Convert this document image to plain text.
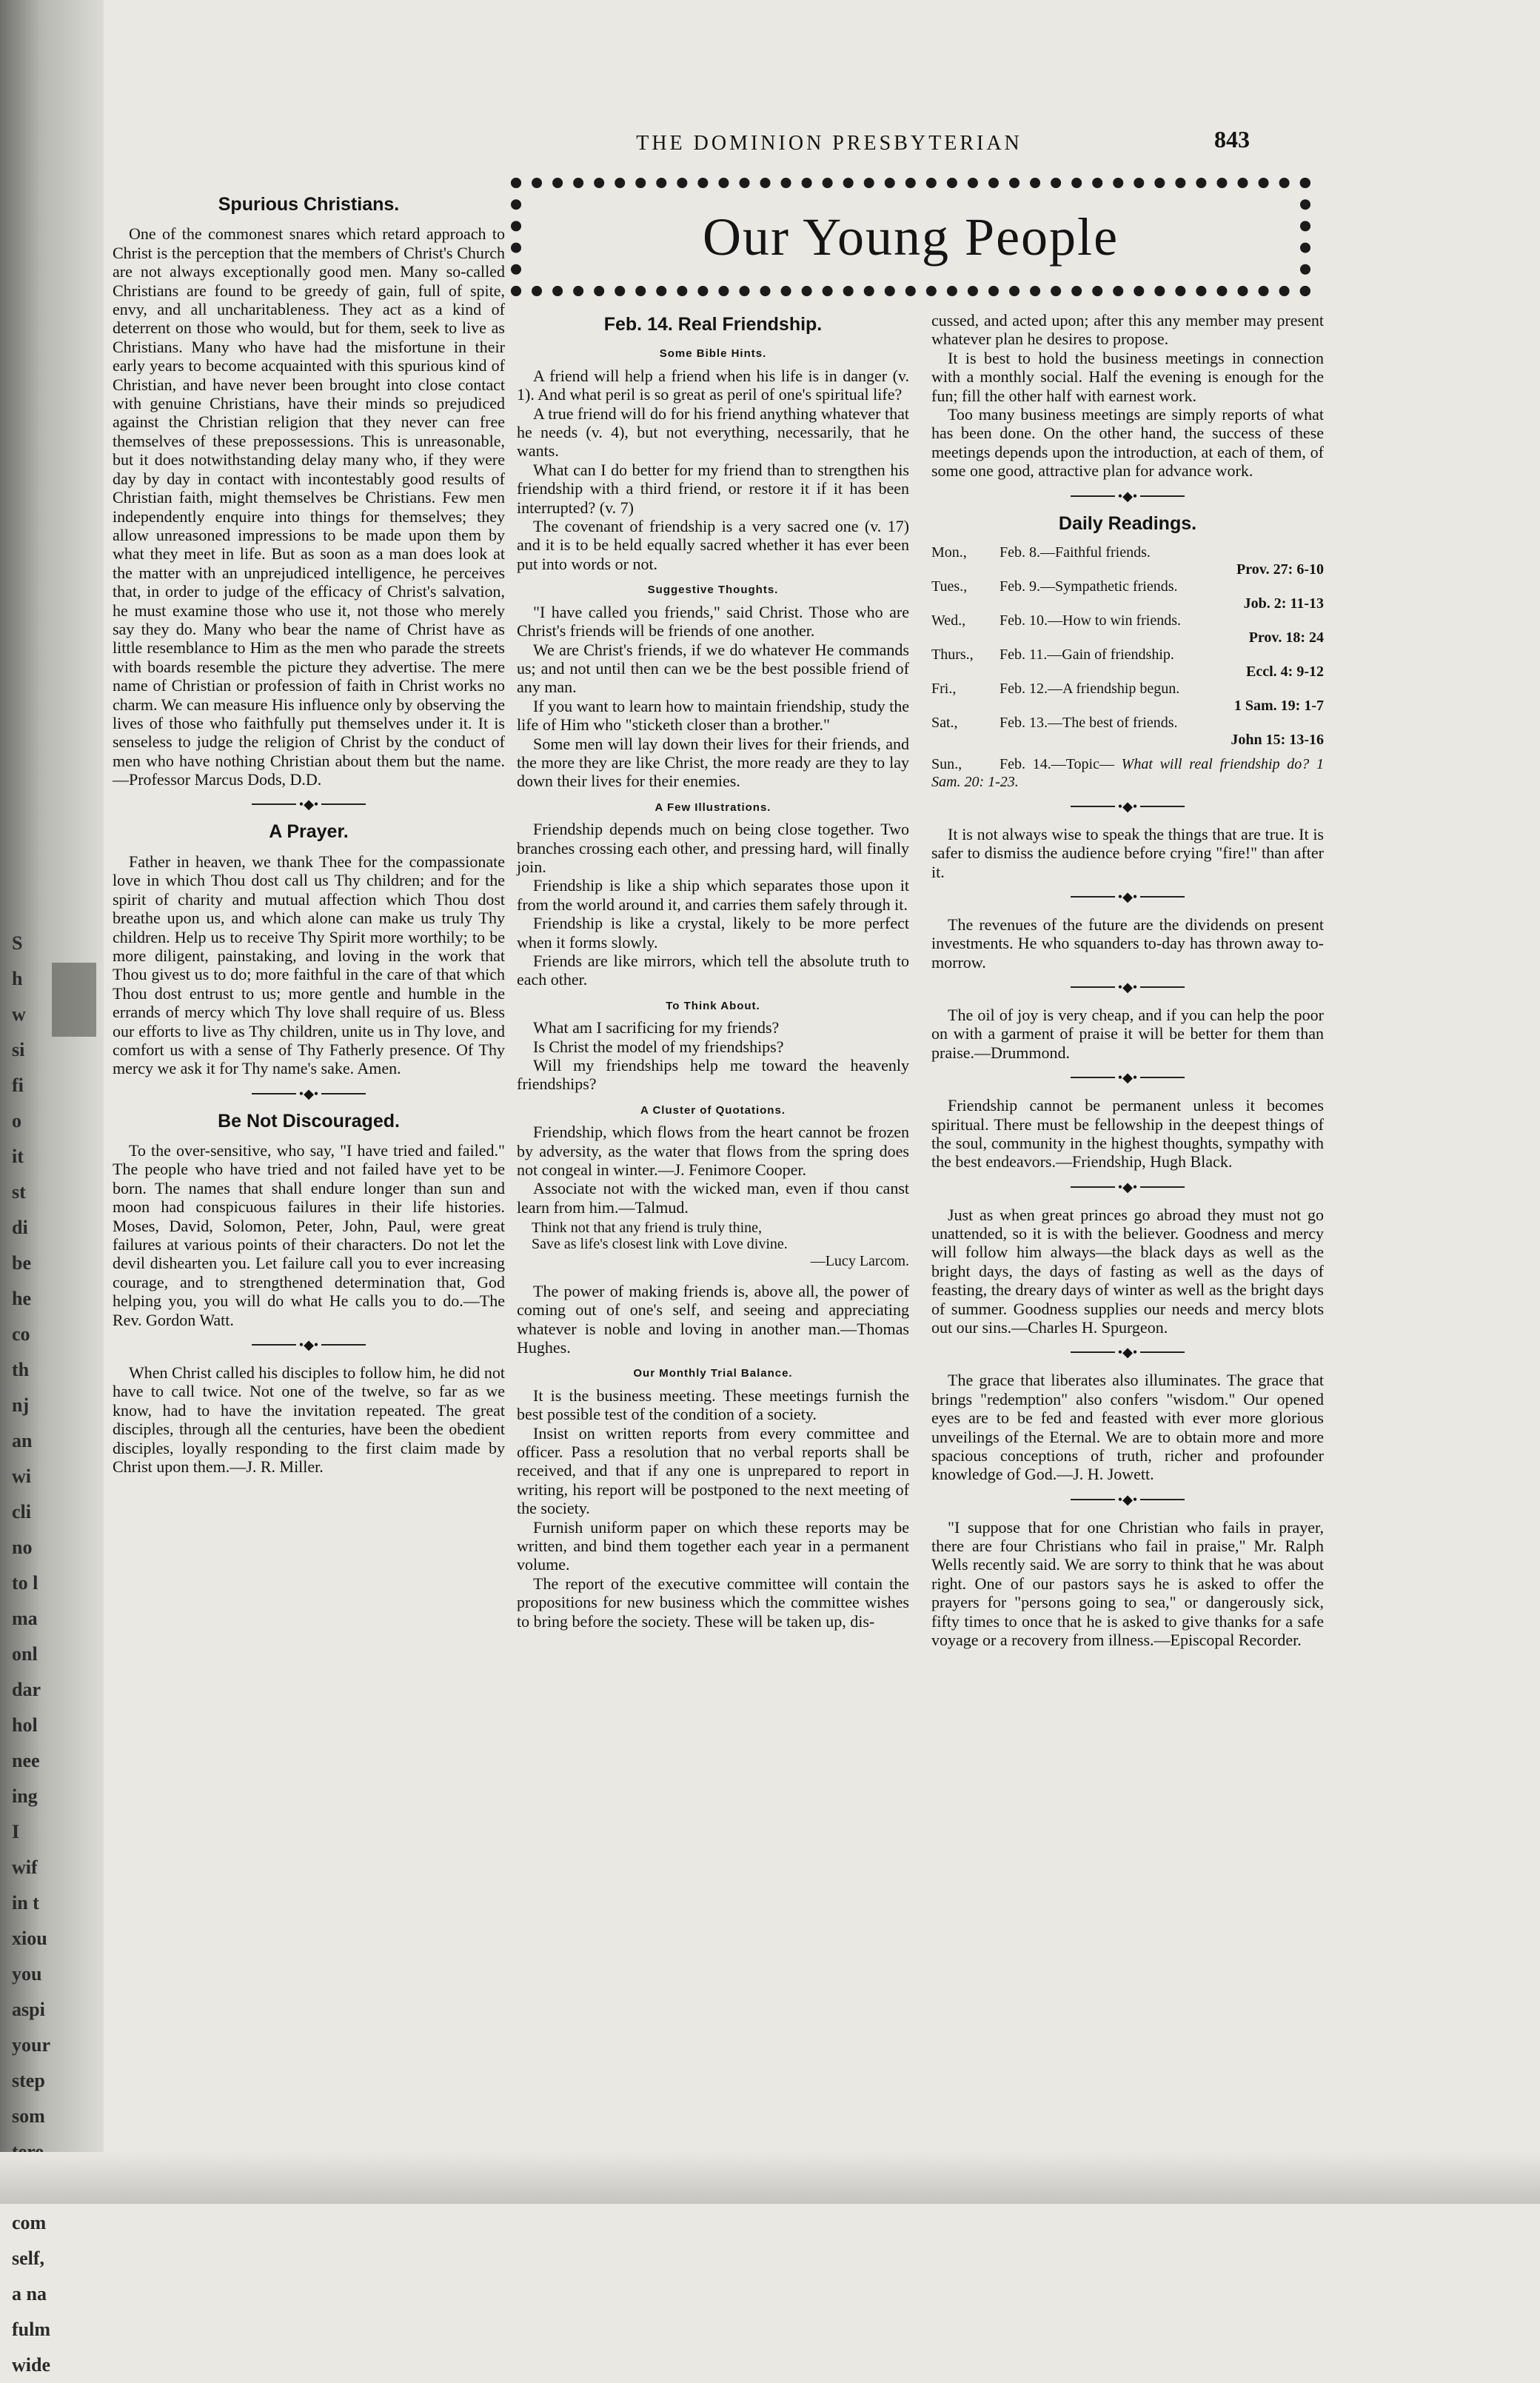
S
h
w
si
fi
o
it
st
di
be
he
co
th
nj
an
wi
cli
no
to l
ma
onl
dar
hol
nee
ing
I
wif
in t
xiou
you
aspi
your
step
som
com
self,
a na
fulm
wide
THE DOMINION PRESBYTERIAN	843
Our Young People
Spurious Christians.

One of the commonest snares which retard approach to Christ is the perception that the members of Christ's Church are not always exceptionally good men. Many so-called Christians are found to be greedy of gain, full of spite, envy, and all uncharitableness. They act as a kind of deterrent on those who would, but for them, seek to live as Christians. Many who have had the misfortune in their early years to become acquainted with this spurious kind of Christian, and have never been brought into close contact with genuine Christians, have their minds so prejudiced against the Christian religion that they never can free themselves of these prepossessions. This is unreasonable, but it does notwithstanding delay many who, if they were day by day in contact with incontestably good results of Christian faith, might themselves be Christians. Few men independently enquire into things for themselves; they allow unreasoned impressions to be made upon them by what they meet in life. But as soon as a man does look at the matter with an unprejudiced intelligence, he perceives that, in order to judge of the efficacy of Christ's salvation, he must examine those who use it, not those who merely say they do. Many who bear the name of Christ have as little resemblance to Him as the men who parade the streets with boards resemble the picture they advertise. The mere name of Christian or profession of faith in Christ works no charm. We can measure His influence only by observing the lives of those who faithfully put themselves under it. It is senseless to judge the religion of Christ by the conduct of men who have nothing Christian about them but the name.—Professor Marcus Dods, D.D.

•◆•
A Prayer.

Father in heaven, we thank Thee for the compassionate love in which Thou dost call us Thy children; and for the spirit of charity and mutual affection which Thou dost breathe upon us, and which alone can make us truly Thy children. Help us to receive Thy Spirit more worthily; to be more diligent, painstaking, and loving in the work that Thou givest us to do; more faithful in the care of that which Thou dost entrust to us; more gentle and humble in the errands of mercy which Thy love shall require of us. Bless our efforts to live as Thy children, unite us in Thy love, and comfort us with a sense of Thy Fatherly presence. Of Thy mercy we ask it for Thy name's sake. Amen.

•◆•
Be Not Discouraged.

To the over-sensitive, who say, "I have tried and failed." The people who have tried and not failed have yet to be born. The names that shall endure longer than sun and moon had conspicuous failures in their life histories. Moses, David, Solomon, Peter, John, Paul, were great failures at various points of their characters. Do not let the devil dishearten you. Let failure call you to ever increasing courage, and to strengthened determination that, God helping you, you will do what He calls you to do.—The Rev. Gordon Watt.

•◆•

When Christ called his disciples to follow him, he did not have to call twice. Not one of the twelve, so far as we know, had to have the invitation repeated. The great disciples, through all the centuries, have been the obedient disciples, loyally responding to the first claim made by Christ upon them.—J. R. Miller.

Feb. 14. Real Friendship.
Some Bible Hints.

A friend will help a friend when his life is in danger (v. 1). And what peril is so great as peril of one's spiritual life?

A true friend will do for his friend anything whatever that he needs (v. 4), but not everything, necessarily, that he wants.

What can I do better for my friend than to strengthen his friendship with a third friend, or restore it if it has been interrupted? (v. 7)

The covenant of friendship is a very sacred one (v. 17) and it is to be held equally sacred whether it has ever been put into words or not.

Suggestive Thoughts.

"I have called you friends," said Christ. Those who are Christ's friends will be friends of one another.

We are Christ's friends, if we do whatever He commands us; and not until then can we be the best possible friend of any man.

If you want to learn how to maintain friendship, study the life of Him who "sticketh closer than a brother."

Some men will lay down their lives for their friends, and the more they are like Christ, the more ready are they to lay down their lives for their enemies.

A Few Illustrations.

Friendship depends much on being close together. Two branches crossing each other, and pressing hard, will finally join.

Friendship is like a ship which separates those upon it from the world around it, and carries them safely through it.

Friendship is like a crystal, likely to be more perfect when it forms slowly.

Friends are like mirrors, which tell the absolute truth to each other.

To Think About.

What am I sacrificing for my friends?

Is Christ the model of my friendships?

Will my friendships help me toward the heavenly friendships?

A Cluster of Quotations.

Friendship, which flows from the heart cannot be frozen by adversity, as the water that flows from the spring does not congeal in winter.—J. Fenimore Cooper.

Associate not with the wicked man, even if thou canst learn from him.—Talmud.

Think not that any friend is truly thine,
Save as life's closest link with Love divine.
—Lucy Larcom.

The power of making friends is, above all, the power of coming out of one's self, and seeing and appreciating whatever is noble and loving in another man.—Thomas Hughes.

Our Monthly Trial Balance.

It is the business meeting. These meetings furnish the best possible test of the condition of a society.

Insist on written reports from every committee and officer. Pass a resolution that no verbal reports shall be received, and that if any one is unprepared to report in writing, his report will be postponed to the next meeting of the society.

Furnish uniform paper on which these reports may be written, and bind them together each year in a permanent volume.

The report of the executive committee will contain the propositions for new business which the committee wishes to bring before the society. These will be taken up, dis-

cussed, and acted upon; after this any member may present whatever plan he desires to propose.

It is best to hold the business meetings in connection with a monthly social. Half the evening is enough for the fun; fill the other half with earnest work.

Too many business meetings are simply reports of what has been done. On the other hand, the success of these meetings depends upon the introduction, at each of them, of some one good, attractive plan for advance work.

•◆•
Daily Readings.
Mon., Feb. 8.—Faithful friends.
Prov. 27: 6-10
Tues., Feb. 9.—Sympathetic friends.
Job. 2: 11-13
Wed., Feb. 10.—How to win friends.
Prov. 18: 24
Thurs., Feb. 11.—Gain of friendship.
Eccl. 4: 9-12
Fri.,	Feb. 12.—A friendship begun.
1 Sam. 19: 1-7
Sat.,	Feb. 13.—The best of friends.
John 15: 13-16
Sun.,	Feb. 14.—Topic— What will real friendship do? 1 Sam. 20: 1-23.
•◆•

It is not always wise to speak the things that are true. It is safer to dismiss the audience before crying "fire!" than after it.

•◆•

The revenues of the future are the dividends on present investments. He who squanders to-day has thrown away to-morrow.

•◆•

The oil of joy is very cheap, and if you can help the poor on with a garment of praise it will be better for them than praise.—Drummond.

•◆•

Friendship cannot be permanent unless it becomes spiritual. There must be fellowship in the deepest things of the soul, community in the highest thoughts, sympathy with the best endeavors.—Friendship, Hugh Black.

•◆•

Just as when great princes go abroad they must not go unattended, so it is with the believer. Goodness and mercy will follow him always—the black days as well as the bright days, the days of fasting as well as the days of feasting, the dreary days of winter as well as the bright days of summer. Goodness supplies our needs and mercy blots out our sins.—Charles H. Spurgeon.

•◆•

The grace that liberates also illuminates. The grace that brings "redemption" also confers "wisdom." Our opened eyes are to be fed and feasted with ever more glorious unveilings of the Eternal. We are to obtain more and more spacious conceptions of truth, richer and profounder knowledge of God.—J. H. Jowett.

•◆•

"I suppose that for one Christian who fails in prayer, there are four Christians who fail in praise," Mr. Ralph Wells recently said. We are sorry to think that he was about right. One of our pastors says he is asked to offer the prayers for "persons going to sea," or dangerously sick, fifty times to once that he is asked to give thanks for a safe voyage or a recovery from illness.—Episcopal Recorder.
